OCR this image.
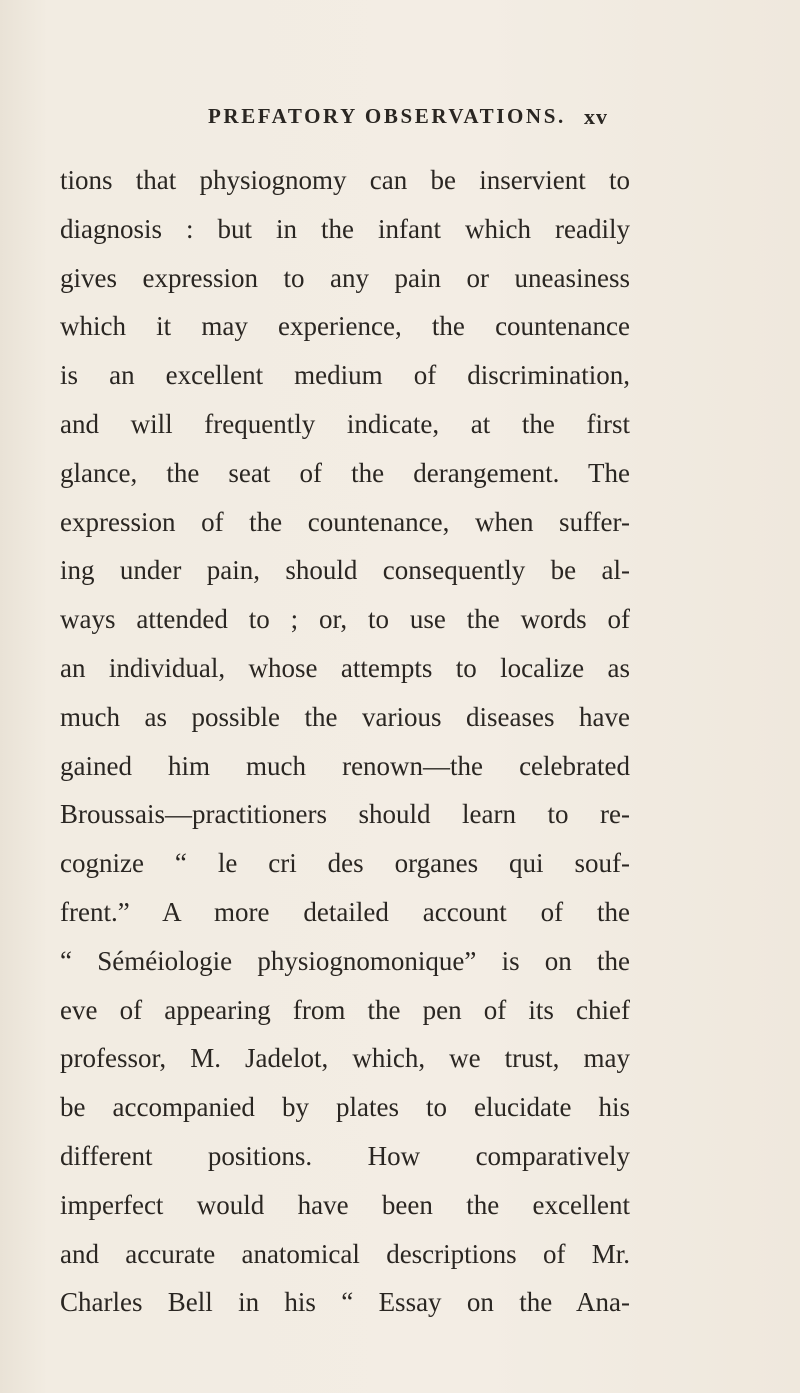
PREFATORY OBSERVATIONS. xv
tions that physiognomy can be inservient to
diagnosis : but in the infant which readily
gives expression to any pain or uneasiness
which it may experience, the countenance
is an excellent medium of discrimination,
and will frequently indicate, at the first
glance, the seat of the derangement. The
expression of the countenance, when suffer-
ing under pain, should consequently be al-
ways attended to ; or, to use the words of
an individual, whose attempts to localize as
much as possible the various diseases have
gained him much renown—the celebrated
Broussais—practitioners should learn to re-
cognize “ le cri des organes qui souf-
frent.” A more detailed account of the
“ Séméiologie physiognomonique” is on the
eve of appearing from the pen of its chief
professor, M. Jadelot, which, we trust, may
be accompanied by plates to elucidate his
different positions. How comparatively
imperfect would have been the excellent
and accurate anatomical descriptions of Mr.
Charles Bell in his “ Essay on the Ana-
